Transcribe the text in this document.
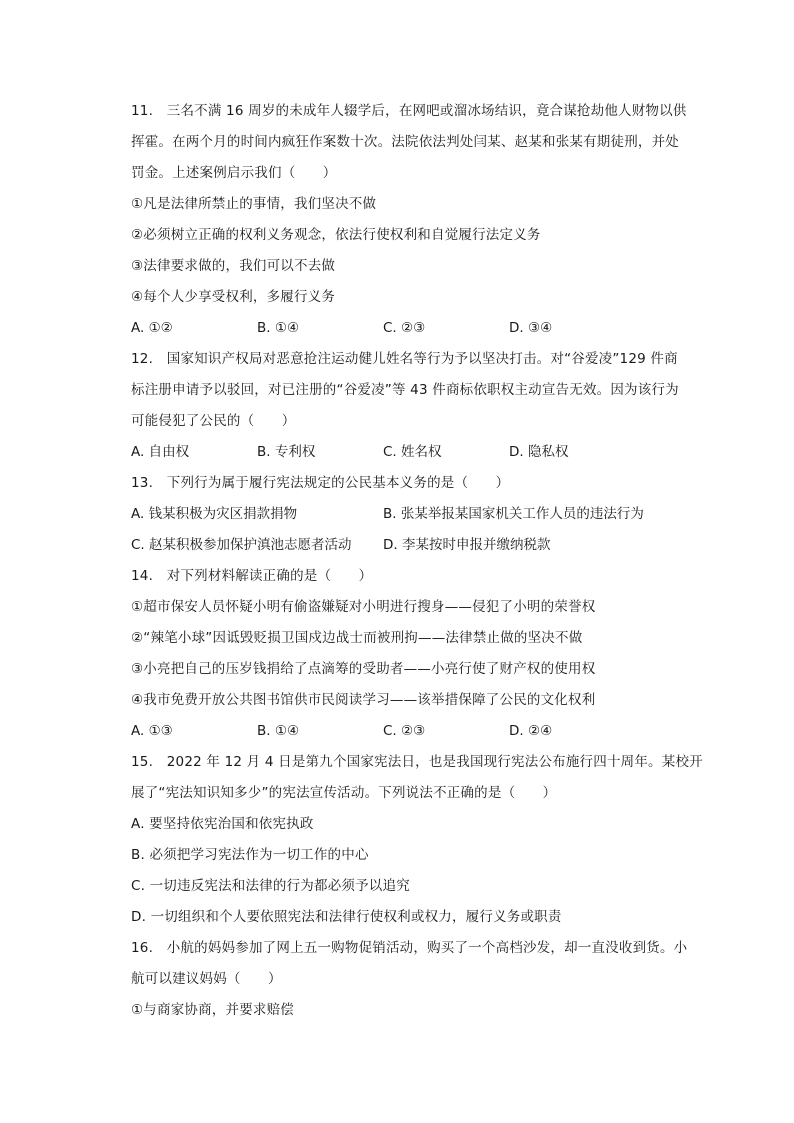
11.　三名不满 16 周岁的未成年人辍学后，在网吧或溜冰场结识，竟合谋抢劫他人财物以供
挥霍。在两个月的时间内疯狂作案数十次。法院依法判处闫某、赵某和张某有期徒刑，并处
罚金。上述案例启示我们（　　）
①凡是法律所禁止的事情，我们坚决不做
②必须树立正确的权利义务观念，依法行使权利和自觉履行法定义务
③法律要求做的，我们可以不去做
④每个人少享受权利，多履行义务
A. ①②	B. ①④	C. ②③	D. ③④
12.　国家知识产权局对恶意抢注运动健儿姓名等行为予以坚决打击。对“谷爱凌”129 件商
标注册申请予以驳回，对已注册的“谷爱凌”等 43 件商标依职权主动宣告无效。因为该行为
可能侵犯了公民的（　　）
A. 自由权	B. 专利权	C. 姓名权	D. 隐私权
13.　下列行为属于履行宪法规定的公民基本义务的是（　　）
A. 钱某积极为灾区捐款捐物	B. 张某举报某国家机关工作人员的违法行为
C. 赵某积极参加保护滇池志愿者活动	D. 李某按时申报并缴纳税款
14.　对下列材料解读正确的是（　　）
①超市保安人员怀疑小明有偷盗嫌疑对小明进行搜身——侵犯了小明的荣誉权
②“辣笔小球”因诋毁贬损卫国戍边战士而被刑拘——法律禁止做的坚决不做
③小亮把自己的压岁钱捐给了点滴筹的受助者——小亮行使了财产权的使用权
④我市免费开放公共图书馆供市民阅读学习——该举措保障了公民的文化权利
A. ①③	B. ①④	C. ②③	D. ②④
15.　2022 年 12 月 4 日是第九个国家宪法日，也是我国现行宪法公布施行四十周年。某校开
展了“宪法知识知多少”的宪法宣传活动。下列说法不正确的是（　　）
A. 要坚持依宪治国和依宪执政
B. 必须把学习宪法作为一切工作的中心
C. 一切违反宪法和法律的行为都必须予以追究
D. 一切组织和个人要依照宪法和法律行使权利或权力，履行义务或职责
16.　小航的妈妈参加了网上五一购物促销活动，购买了一个高档沙发，却一直没收到货。小
航可以建议妈妈（　　）
①与商家协商，并要求赔偿
